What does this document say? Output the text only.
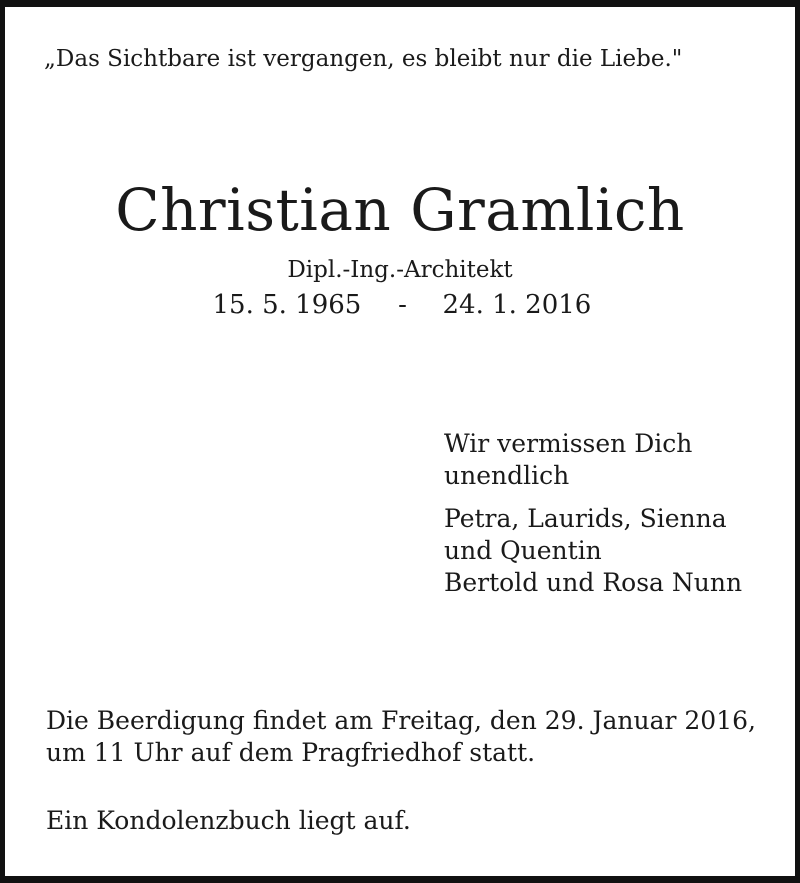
„Das Sichtbare ist vergangen, es bleibt nur die Liebe."
Christian Gramlich
Dipl.-Ing.-Architekt
15. 5. 1965 - 24. 1. 2016
Wir vermissen Dich
unendlich
Petra, Laurids, Sienna
und Quentin
Bertold und Rosa Nunn
Die Beerdigung findet am Freitag, den 29. Januar 2016,
um 11 Uhr auf dem Pragfriedhof statt.
Ein Kondolenzbuch liegt auf.
